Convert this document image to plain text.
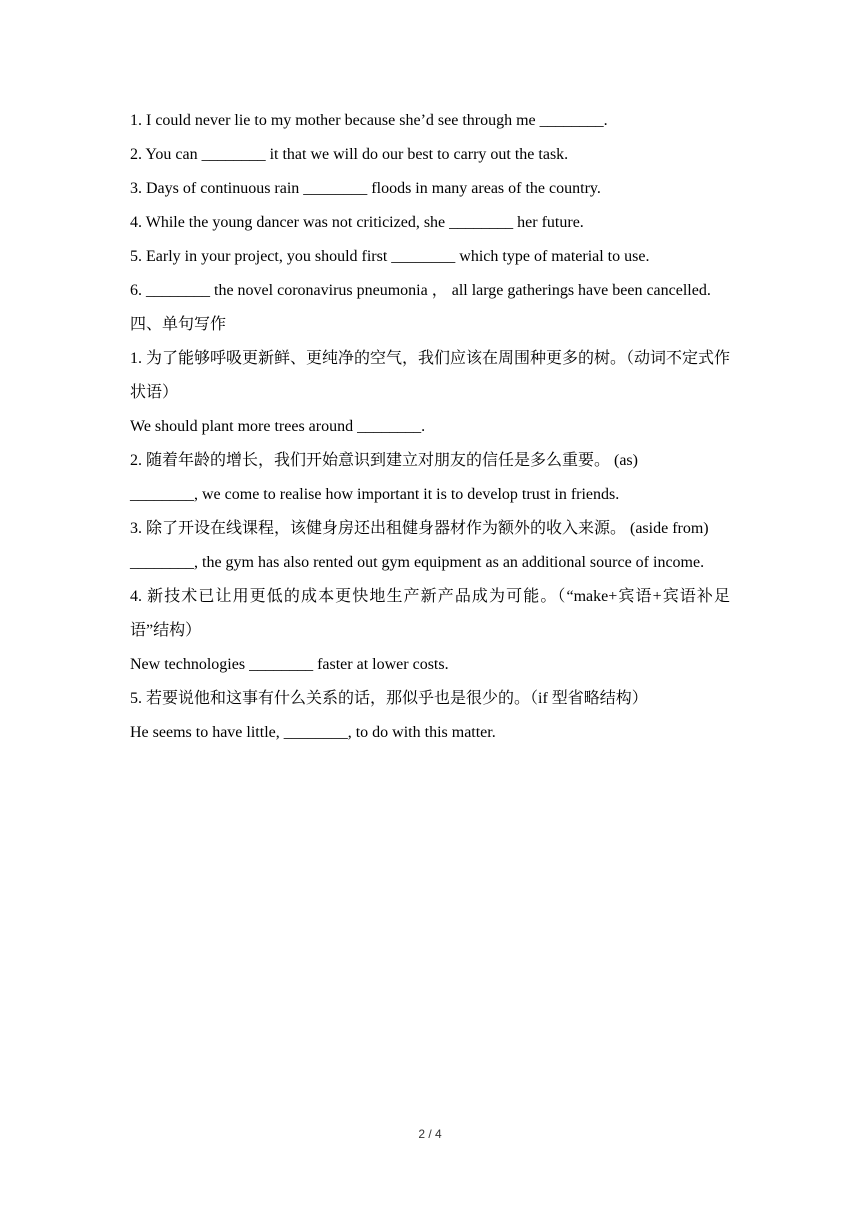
1. I could never lie to my mother because she’d see through me ________.
2. You can ________ it that we will do our best to carry out the task.
3. Days of continuous rain ________ floods in many areas of the country.
4. While the young dancer was not criticized, she ________ her future.
5. Early in your project, you should first ________ which type of material to use.
6. ________ the novel coronavirus pneumonia ， all large gatherings have been cancelled.
四、单句写作
1. 为了能够呼吸更新鲜、更纯净的空气，我们应该在周围种更多的树。（动词不定式作状语）
We should plant more trees around ________.
2. 随着年龄的增长，我们开始意识到建立对朋友的信任是多么重要。 (as)
________, we come to realise how important it is to develop trust in friends.
3. 除了开设在线课程，该健身房还出租健身器材作为额外的收入来源。 (aside from)
________, the gym has also rented out gym equipment as an additional source of income.
4. 新技术已让用更低的成本更快地生产新产品成为可能。（“make+宾语+宾语补足语”结构）
New technologies ________ faster at lower costs.
5. 若要说他和这事有什么关系的话，那似乎也是很少的。（if 型省略结构）
He seems to have little, ________, to do with this matter.
2 / 4
